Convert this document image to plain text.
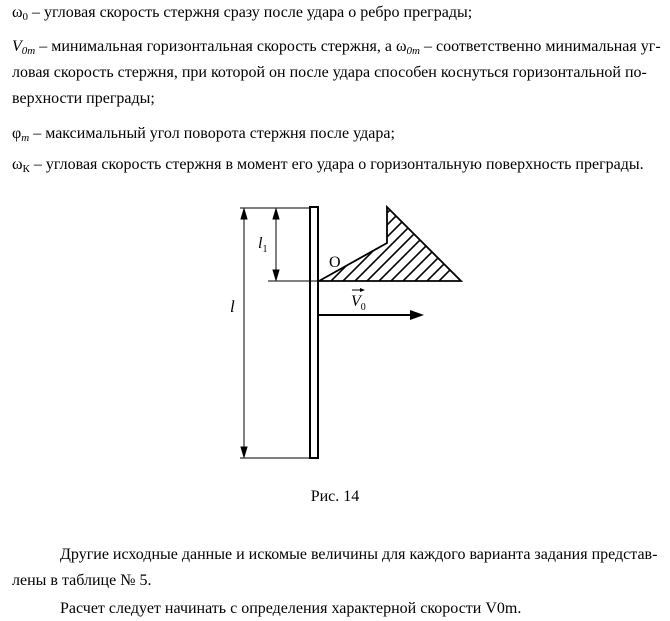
ω0 – угловая скорость стержня сразу после удара о ребро преграды;
V0m – минимальная горизонтальная скорость стержня, а ω0m – соответственно минимальная уг-
ловая скорость стержня, при которой он после удара способен коснуться горизонтальной по-
верхности преграды;
φm – максимальный угол поворота стержня после удара;
ωК – угловая скорость стержня в момент его удара о горизонтальную поверхность преграды.
$l_1$
l
O
$V_0$
Рис. 14
Другие исходные данные и искомые величины для каждого варианта задания представ-
лены в таблице № 5.
Расчет следует начинать с определения характерной скорости V0m.
